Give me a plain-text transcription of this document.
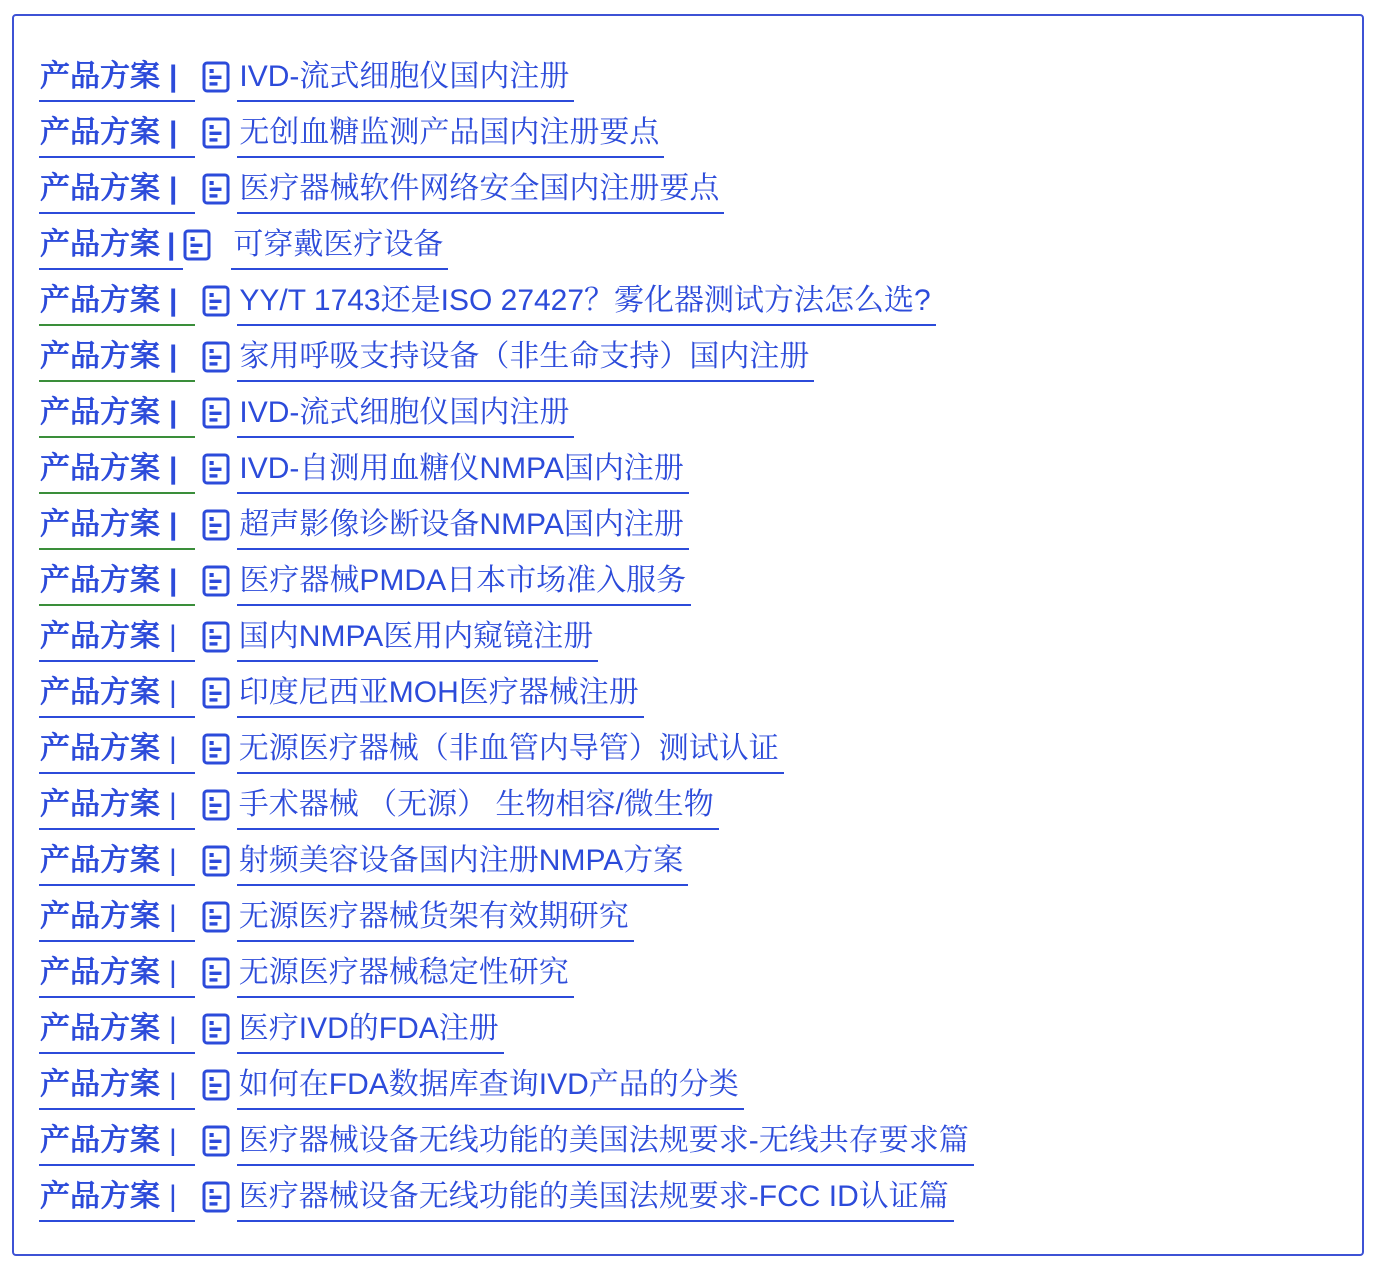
产品方案 |	IVD-流式细胞仪国内注册
产品方案 |	无创血糖监测产品国内注册要点
产品方案 |	医疗器械软件网络安全国内注册要点
产品方案 | 可穿戴医疗设备
产品方案 |	YY/T 1743还是ISO 27427？雾化器测试方法怎么选?
产品方案 |	家用呼吸支持设备（非生命支持）国内注册
产品方案 |	IVD-流式细胞仪国内注册
产品方案 |	IVD-自测用血糖仪NMPA国内注册
产品方案 |	超声影像诊断设备NMPA国内注册
产品方案 |	医疗器械PMDA日本市场准入服务
产品方案 |	国内NMPA医用内窥镜注册
产品方案 |	印度尼西亚MOH医疗器械注册
产品方案 |	无源医疗器械（非血管内导管）测试认证
产品方案 |	手术器械 （无源） 生物相容/微生物
产品方案 |	射频美容设备国内注册NMPA方案
产品方案 |	无源医疗器械货架有效期研究
产品方案 |	无源医疗器械稳定性研究
产品方案 |	医疗IVD的FDA注册
产品方案 |	如何在FDA数据库查询IVD产品的分类
产品方案 |	医疗器械设备无线功能的美国法规要求-无线共存要求篇
产品方案 |	医疗器械设备无线功能的美国法规要求-FCC ID认证篇
